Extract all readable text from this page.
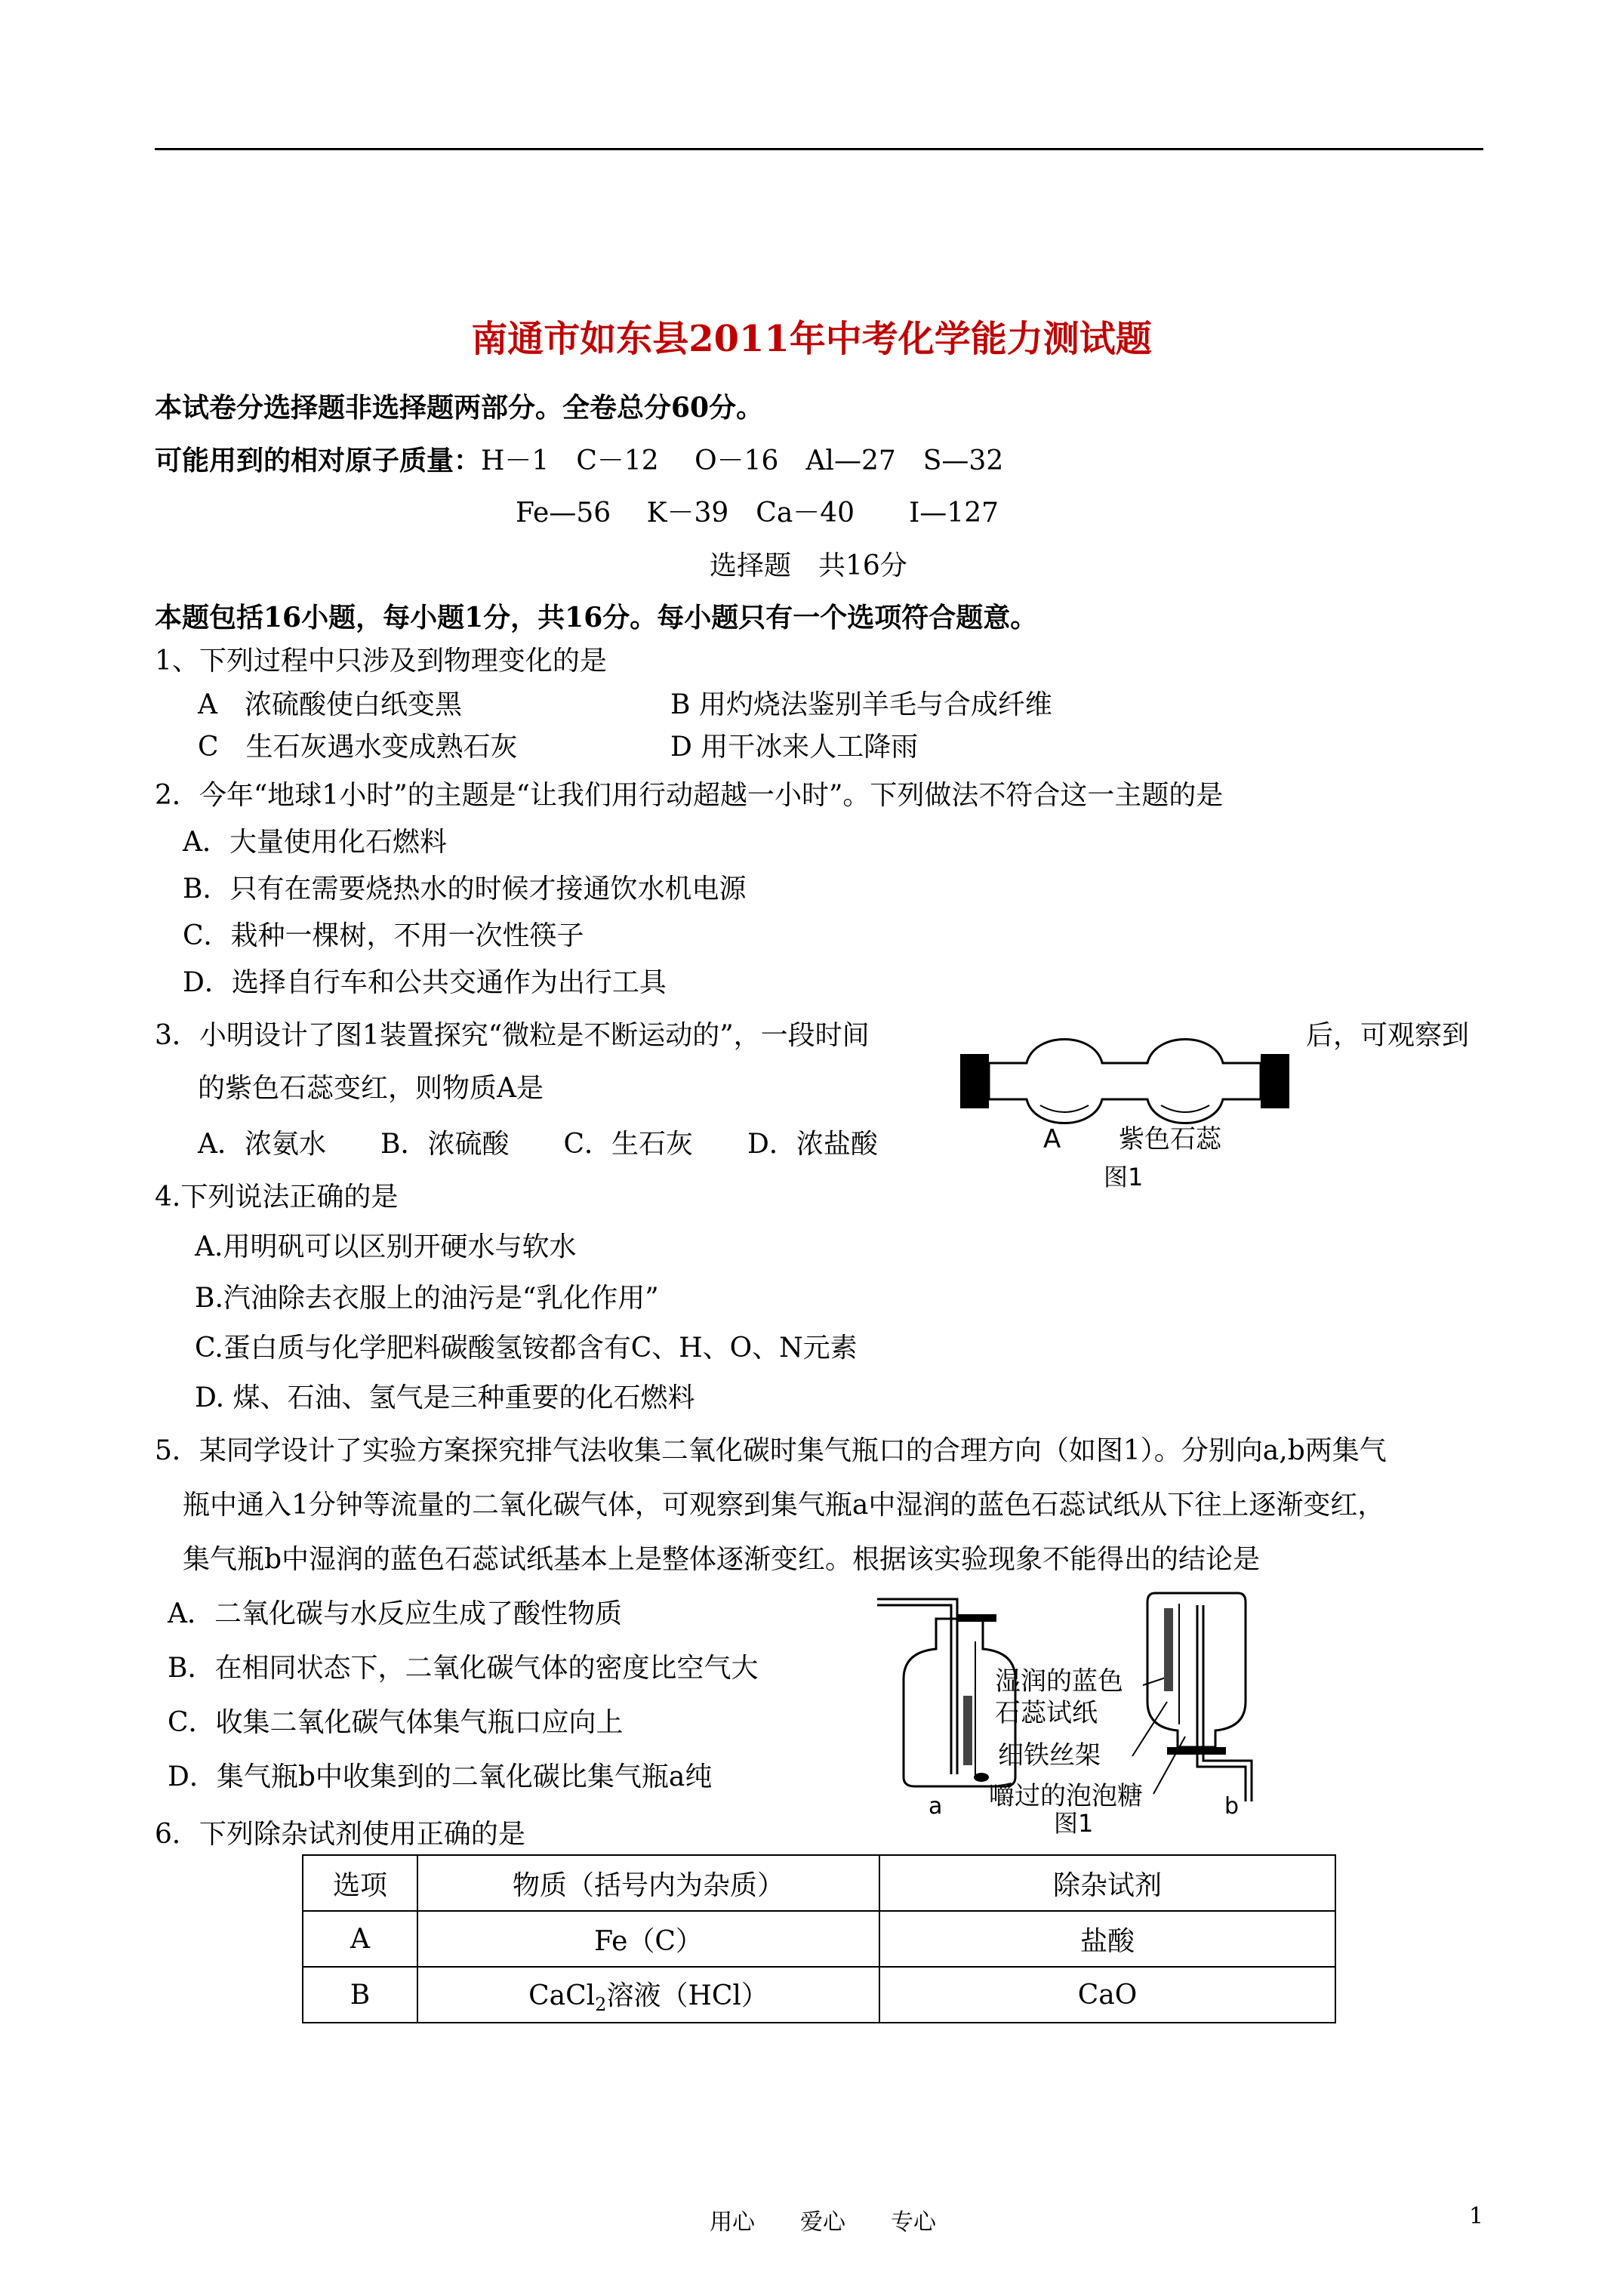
南通市如东县2011年中考化学能力测试题
本试卷分选择题非选择题两部分。全卷总分60分。
可能用到的相对原子质量：H－1　C－12　 O－16　Al—27　S—32
Fe—56　 K－39　Ca－40　　I—127
选择题　共16分
本题包括16小题，每小题1分，共16分。每小题只有一个选项符合题意。
1、下列过程中只涉及到物理变化的是
A　浓硫酸使白纸变黑	B 用灼烧法鉴别羊毛与合成纤维
C　生石灰遇水变成熟石灰	D 用干冰来人工降雨
2．今年“地球1小时”的主题是“让我们用行动超越一小时”。下列做法不符合这一主题的是
A．大量使用化石燃料
B．只有在需要烧热水的时候才接通饮水机电源
C．栽种一棵树，不用一次性筷子
D．选择自行车和公共交通作为出行工具
3．小明设计了图1装置探究“微粒是不断运动的”，一段时间	后，可观察到
的紫色石蕊变红，则物质A是
A．浓氨水　　B．浓硫酸　　C．生石灰　　D．浓盐酸	A 紫色石蕊
图1
4.下列说法正确的是
A.用明矾可以区别开硬水与软水
B.汽油除去衣服上的油污是“乳化作用”
C.蛋白质与化学肥料碳酸氢铵都含有C、H、O、N元素
D. 煤、石油、氢气是三种重要的化石燃料
5．某同学设计了实验方案探究排气法收集二氧化碳时集气瓶口的合理方向（如图1）。分别向a,b两集气
瓶中通入1分钟等流量的二氧化碳气体，可观察到集气瓶a中湿润的蓝色石蕊试纸从下往上逐渐变红，
集气瓶b中湿润的蓝色石蕊试纸基本上是整体逐渐变红。根据该实验现象不能得出的结论是
A．二氧化碳与水反应生成了酸性物质
B．在相同状态下，二氧化碳气体的密度比空气大
C．收集二氧化碳气体集气瓶口应向上
D．集气瓶b中收集到的二氧化碳比集气瓶a纯
a
湿润的蓝色
石蕊试纸
细铁丝架
嚼过的泡泡糖	b
图1
6．下列除杂试剂使用正确的是
选项	物质（括号内为杂质）	除杂试剂
A	Fe（C）	盐酸
B	CaCl$_2$溶液（HCl）	CaO
用心　　爱心　　专心	1
